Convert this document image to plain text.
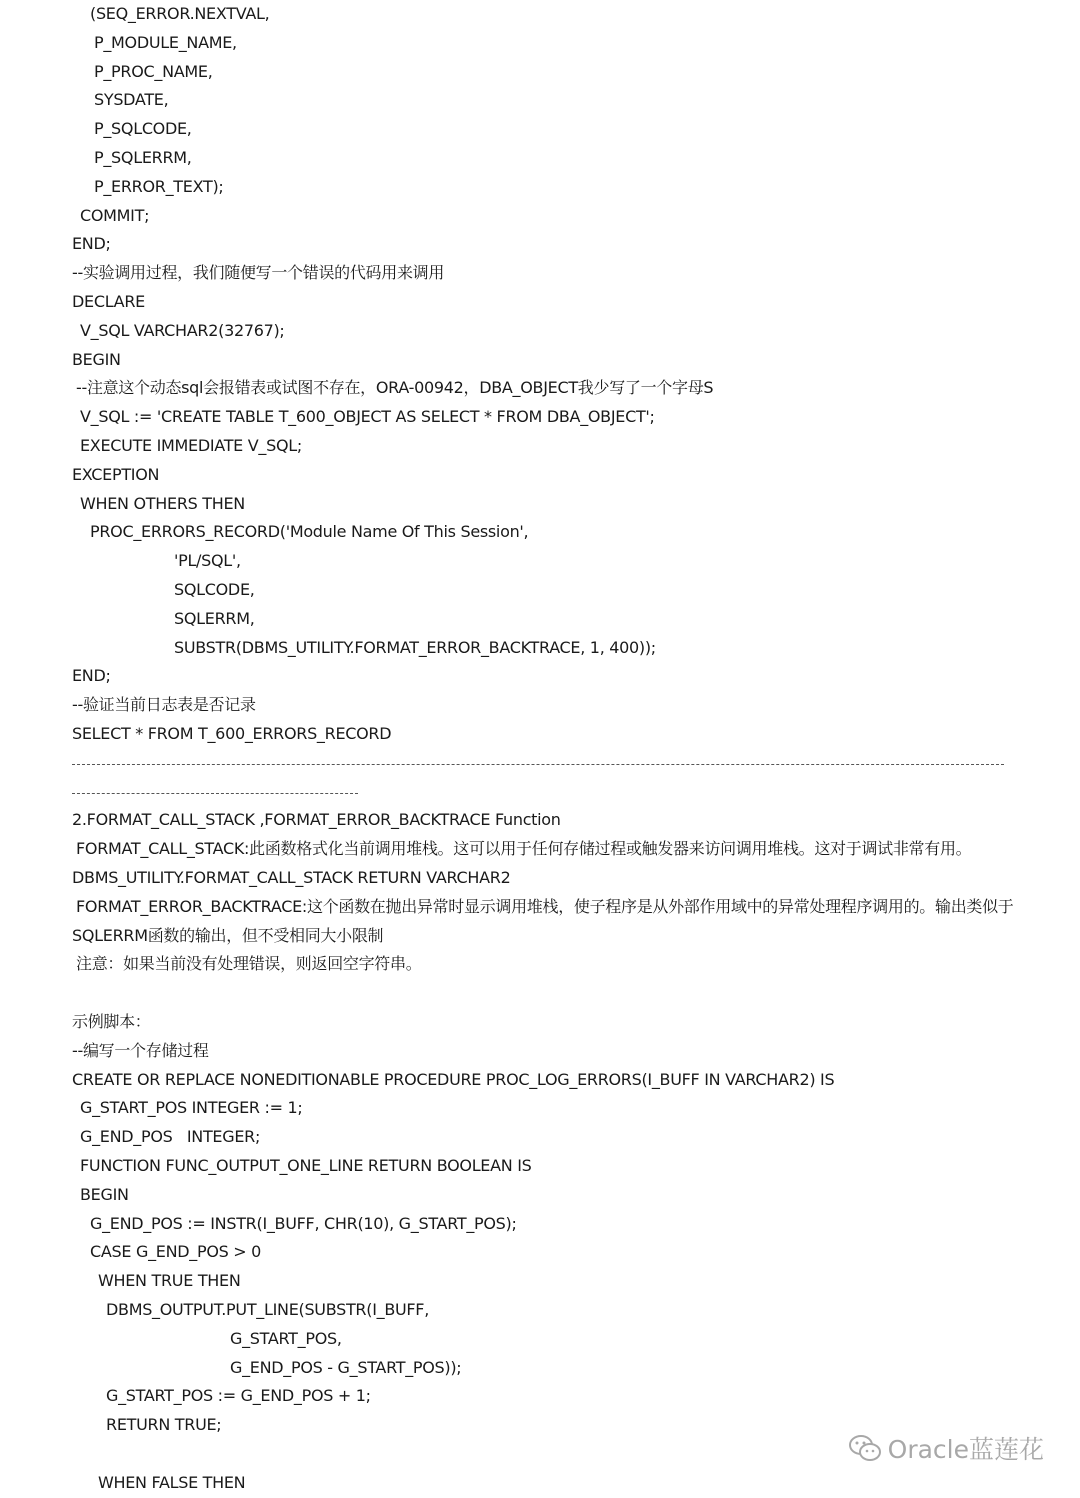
(SEQ_ERROR.NEXTVAL,
P_MODULE_NAME,
P_PROC_NAME,
SYSDATE,
P_SQLCODE,
P_SQLERRM,
P_ERROR_TEXT);
COMMIT;
END;
--实验调用过程，我们随便写一个错误的代码用来调用
DECLARE
V_SQL VARCHAR2(32767);
BEGIN
--注意这个动态sql会报错表或试图不存在，ORA-00942，DBA_OBJECT我少写了一个字母S
V_SQL := 'CREATE TABLE T_600_OBJECT AS SELECT * FROM DBA_OBJECT';
EXECUTE IMMEDIATE V_SQL;
EXCEPTION
WHEN OTHERS THEN
PROC_ERRORS_RECORD('Module Name Of This Session',
'PL/SQL',
SQLCODE,
SQLERRM,
SUBSTR(DBMS_UTILITY.FORMAT_ERROR_BACKTRACE, 1, 400));
END;
--验证当前日志表是否记录
SELECT * FROM T_600_ERRORS_RECORD
2.FORMAT_CALL_STACK ,FORMAT_ERROR_BACKTRACE Function
FORMAT_CALL_STACK:此函数格式化当前调用堆栈。这可以用于任何存储过程或触发器来访问调用堆栈。这对于调试非常有用。
DBMS_UTILITY.FORMAT_CALL_STACK RETURN VARCHAR2
FORMAT_ERROR_BACKTRACE:这个函数在抛出异常时显示调用堆栈，使子程序是从外部作用域中的异常处理程序调用的。输出类似于
SQLERRM函数的输出，但不受相同大小限制
注意：如果当前没有处理错误，则返回空字符串。
示例脚本：
--编写一个存储过程
CREATE OR REPLACE NONEDITIONABLE PROCEDURE PROC_LOG_ERRORS(I_BUFF IN VARCHAR2) IS
G_START_POS INTEGER := 1;
G_END_POS   INTEGER;
FUNCTION FUNC_OUTPUT_ONE_LINE RETURN BOOLEAN IS
BEGIN
G_END_POS := INSTR(I_BUFF, CHR(10), G_START_POS);
CASE G_END_POS > 0
WHEN TRUE THEN
DBMS_OUTPUT.PUT_LINE(SUBSTR(I_BUFF,
G_START_POS,
G_END_POS - G_START_POS));
G_START_POS := G_END_POS + 1;
RETURN TRUE;
WHEN FALSE THEN
Oracle蓝莲花
